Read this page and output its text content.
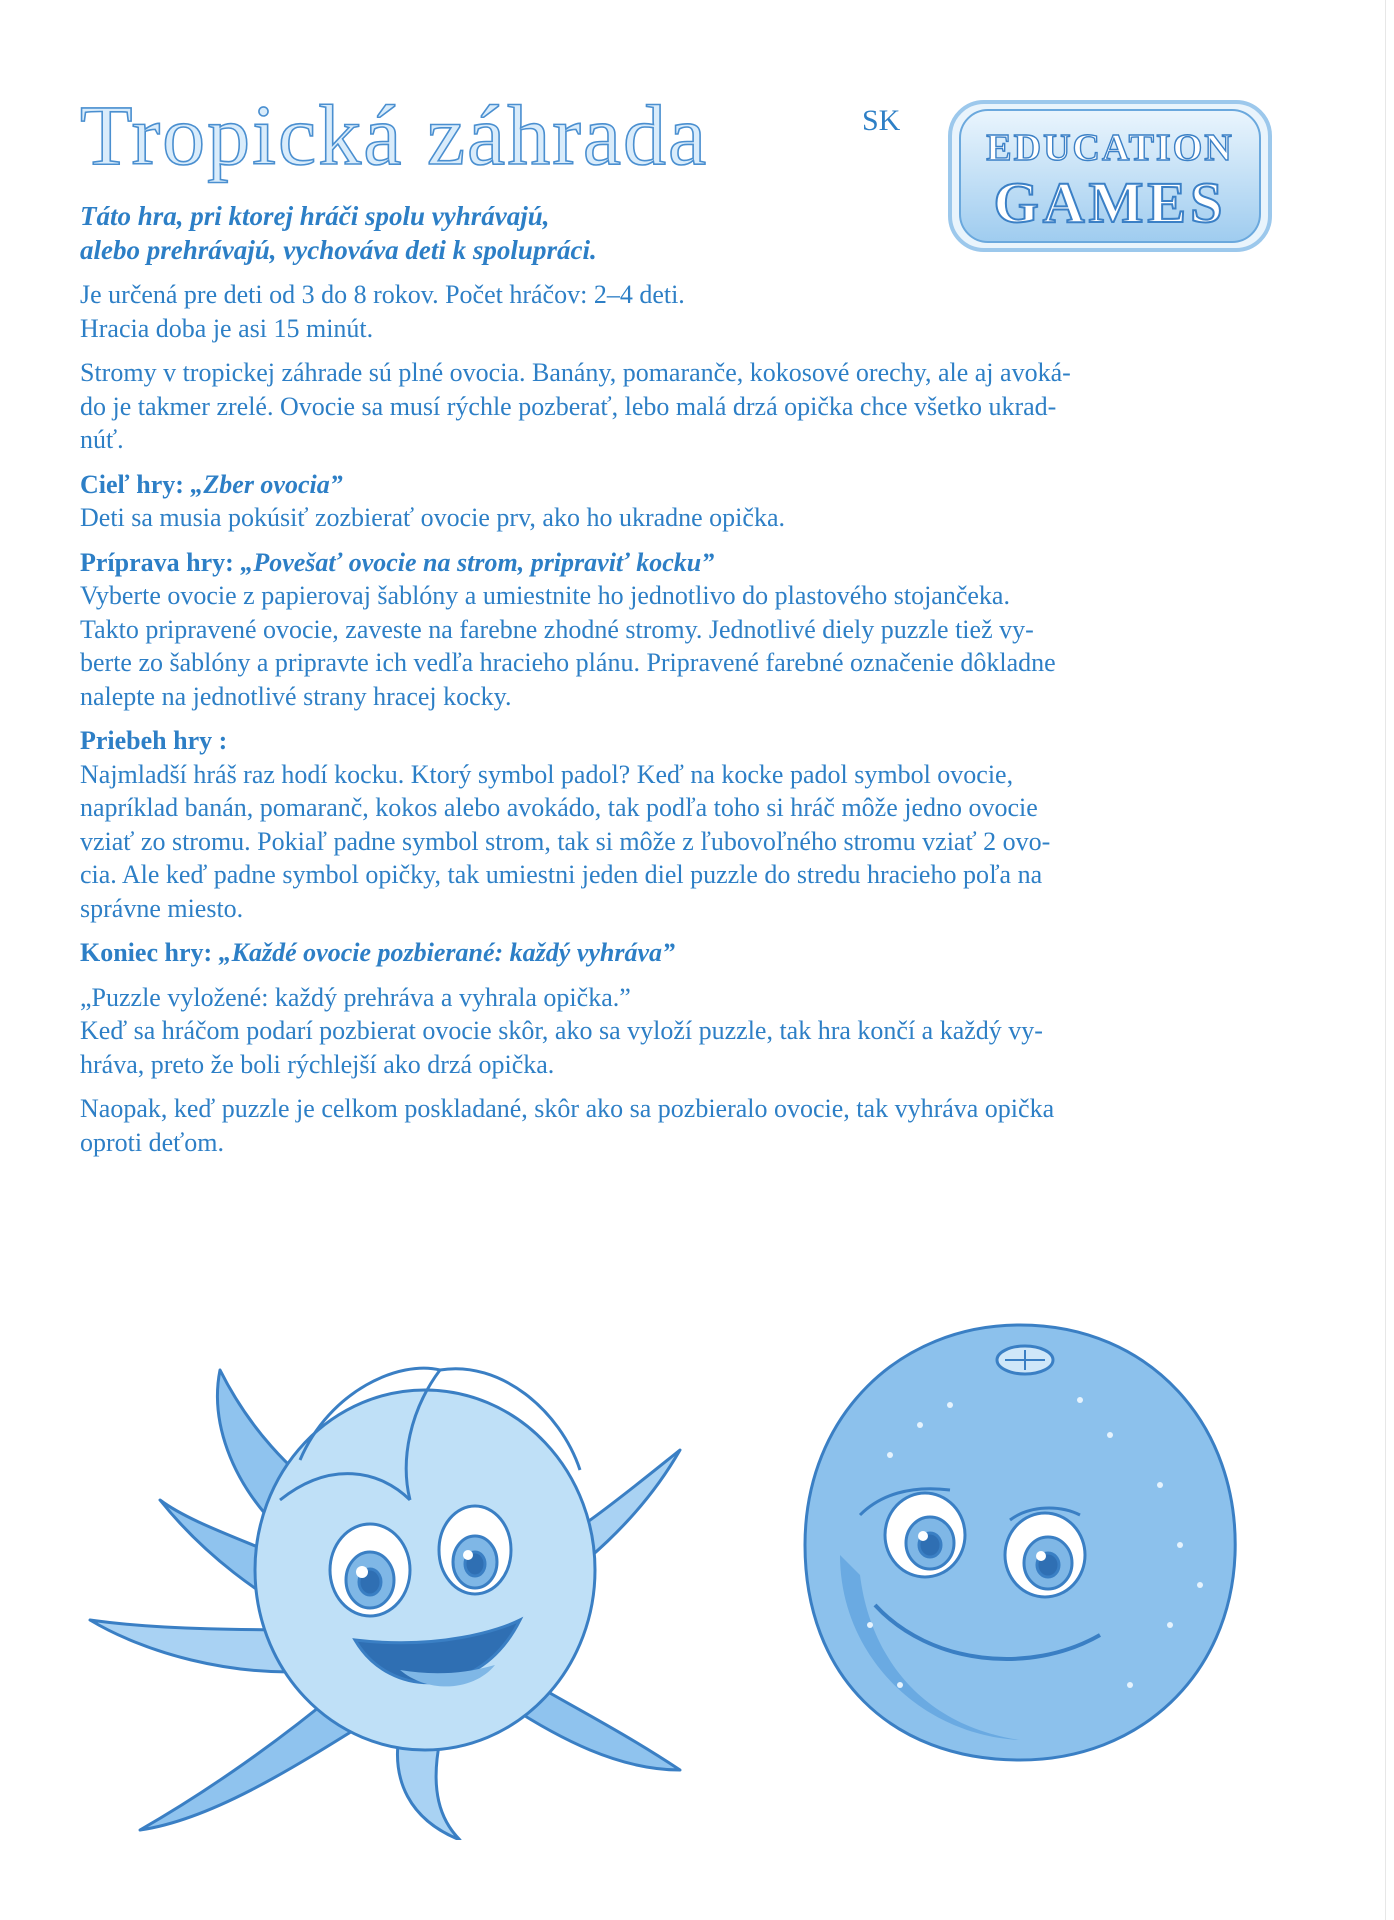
Tropická záhrada	SK
EDUCATION
GAMES

Táto hra, pri ktorej hráči spolu vyhrávajú,
alebo prehrávajú, vychováva deti k spolupráci.

Je určená pre deti od 3 do 8 rokov. Počet hráčov: 2–4 deti.
Hracia doba je asi 15 minút.

Stromy v tropickej záhrade sú plné ovocia. Banány, pomaranče, kokosové orechy, ale aj avoká-
do je takmer zrelé. Ovocie sa musí rýchle pozberať, lebo malá drzá opička chce všetko ukrad-
núť.

Cieľ hry: „Zber ovocia”
Deti sa musia pokúsiť zozbierať ovocie prv, ako ho ukradne opička.

Príprava hry: „Povešať ovocie na strom, pripraviť kocku”
Vyberte ovocie z papierovaj šablóny a umiestnite ho jednotlivo do plastového stojančeka.
Takto pripravené ovocie, zaveste na farebne zhodné stromy. Jednotlivé diely puzzle tiež vy-
berte zo šablóny a pripravte ich vedľa hracieho plánu. Pripravené farebné označenie dôkladne
nalepte na jednotlivé strany hracej kocky.

Priebeh hry :
Najmladší hráš raz hodí kocku. Ktorý symbol padol? Keď na kocke padol symbol ovocie,
napríklad banán, pomaranč, kokos alebo avokádo, tak podľa toho si hráč môže jedno ovocie
vziať zo stromu. Pokiaľ padne symbol strom, tak si môže z ľubovoľného stromu vziať 2 ovo-
cia. Ale keď padne symbol opičky, tak umiestni jeden diel puzzle do stredu hracieho poľa na
správne miesto.

Koniec hry: „Každé ovocie pozbierané: každý vyhráva”

„Puzzle vyložené: každý prehráva a vyhrala opička.”
Keď sa hráčom podarí pozbierat ovocie skôr, ako sa vyloží puzzle, tak hra končí a každý vy-
hráva, preto že boli rýchlejší ako drzá opička.

Naopak, keď puzzle je celkom poskladané, skôr ako sa pozbieralo ovocie, tak vyhráva opička
oproti deťom.
